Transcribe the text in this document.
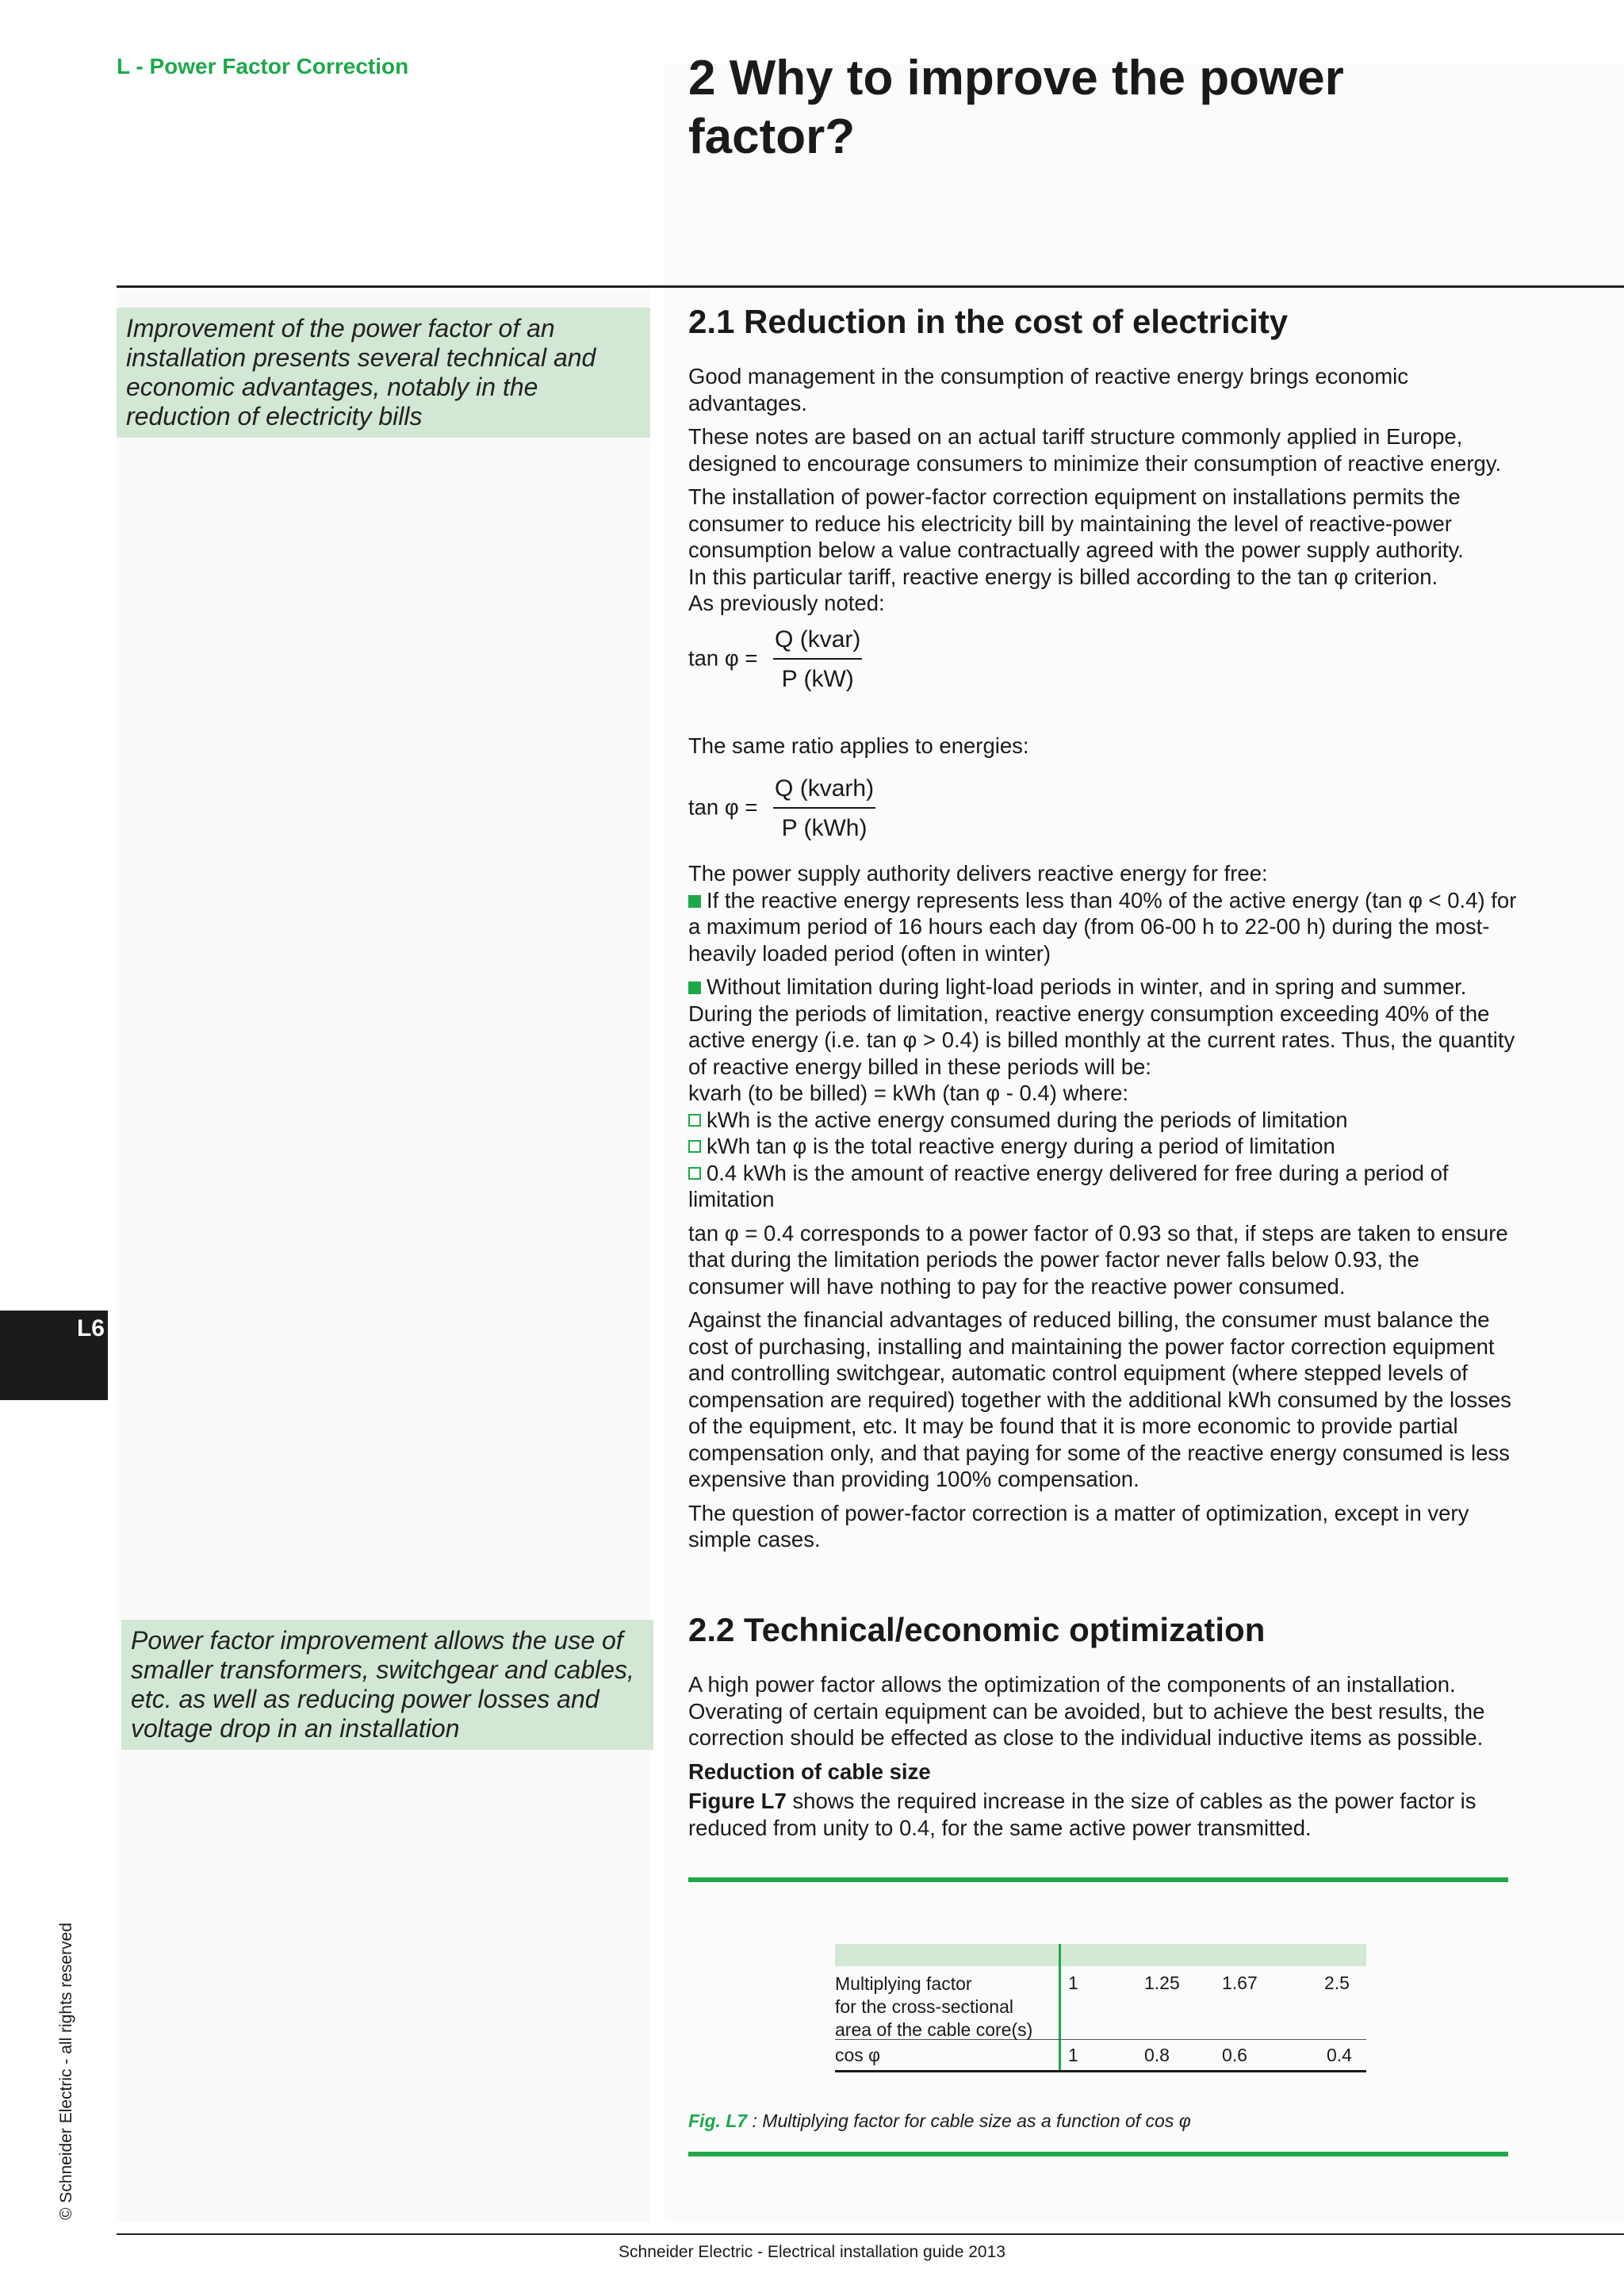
L - Power Factor Correction	2 Why to improve the power
factor?
Improvement of the power factor of an installation presents several technical and economic advantages, notably in the reduction of electricity bills
2.1 Reduction in the cost of electricity

Good management in the consumption of reactive energy brings economic advantages.

These notes are based on an actual tariff structure commonly applied in Europe, designed to encourage consumers to minimize their consumption of reactive energy.

The installation of power-factor correction equipment on installations permits the consumer to reduce his electricity bill by maintaining the level of reactive-power consumption below a value contractually agreed with the power supply authority.

In this particular tariff, reactive energy is billed according to the tan φ criterion.
As previously noted:
$\tan \varphi = \frac{\text{Q (kvar)}}{P (kW)}$
The same ratio applies to energies:
$\tan \varphi = \frac{\text{Q (kvarh)}}{\text{P (kWh)}}$
The power supply authority delivers reactive energy for free:

If the reactive energy represents less than 40% of the active energy (tan φ < 0.4) for a maximum period of 16 hours each day (from 06-00 h to 22-00 h) during the most-heavily loaded period (often in winter)

Without limitation during light-load periods in winter, and in spring and summer.
During the periods of limitation, reactive energy consumption exceeding 40% of the active energy (i.e. tan φ > 0.4) is billed monthly at the current rates. Thus, the quantity of reactive energy billed in these periods will be:
kvarh (to be billed) = kWh (tan φ - 0.4) where:
kWh is the active energy consumed during the periods of limitation
kWh tan φ is the total reactive energy during a period of limitation

0.4 kWh is the amount of reactive energy delivered for free during a period of limitation

tan φ = 0.4 corresponds to a power factor of 0.93 so that, if steps are taken to ensure that during the limitation periods the power factor never falls below 0.93, the consumer will have nothing to pay for the reactive power consumed.

Against the financial advantages of reduced billing, the consumer must balance the cost of purchasing, installing and maintaining the power factor correction equipment and controlling switchgear, automatic control equipment (where stepped levels of compensation are required) together with the additional kWh consumed by the losses of the equipment, etc. It may be found that it is more economic to provide partial compensation only, and that paying for some of the reactive energy consumed is less expensive than providing 100% compensation.

The question of power-factor correction is a matter of optimization, except in very simple cases.

Power factor improvement allows the use of smaller transformers, switchgear and cables, etc. as well as reducing power losses and voltage drop in an installation
2.2 Technical/economic optimization

A high power factor allows the optimization of the components of an installation. Overating of certain equipment can be avoided, but to achieve the best results, the correction should be effected as close to the individual inductive items as possible.

Reduction of cable size
Figure L7 shows the required increase in the size of cables as the power factor is reduced from unity to 0.4, for the same active power transmitted.
Multiplying factor
for the cross-sectional
area of the cable core(s)
1	1.25 1.67	2.5
cos φ	1	0.8	0.6	0.4
Fig. L7 : Multiplying factor for cable size as a function of cos φ
L6
© Schneider Electric - all rights reserved
Schneider Electric - Electrical installation guide 2013
